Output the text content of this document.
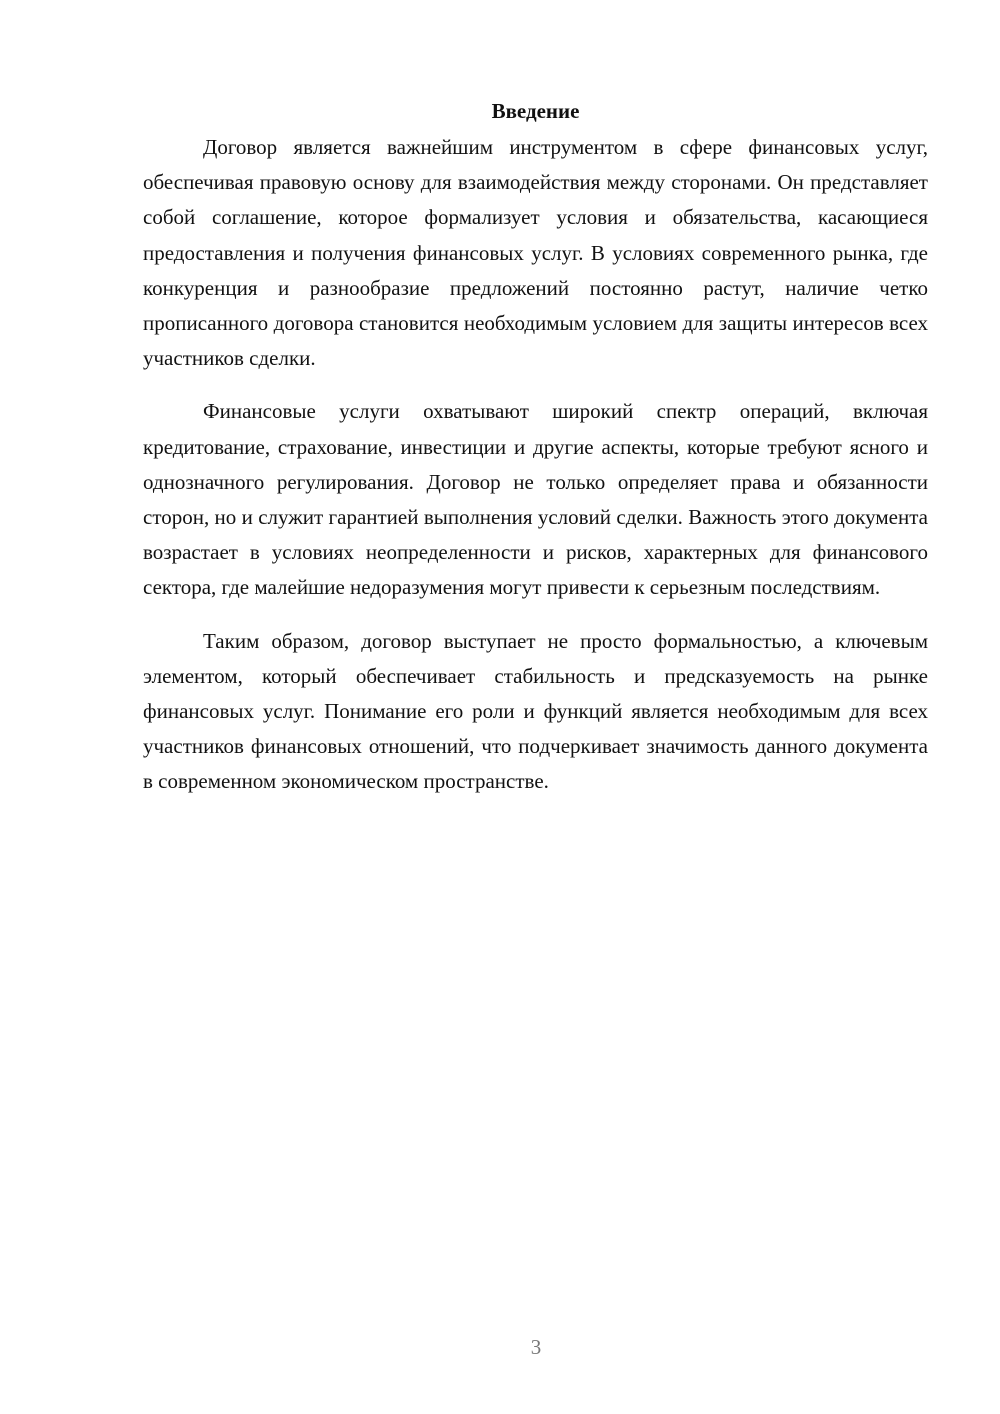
Введение

Договор является важнейшим инструментом в сфере финансовых услуг, обеспечивая правовую основу для взаимодействия между сторонами. Он представляет собой соглашение, которое формализует условия и обязательства, касающиеся предоставления и получения финансовых услуг. В условиях современного рынка, где конкуренция и разнообразие предложений постоянно растут, наличие четко прописанного договора становится необходимым условием для защиты интересов всех участников сделки.

Финансовые услуги охватывают широкий спектр операций, включая кредитование, страхование, инвестиции и другие аспекты, которые требуют ясного и однозначного регулирования. Договор не только определяет права и обязанности сторон, но и служит гарантией выполнения условий сделки. Важность этого документа возрастает в условиях неопределенности и рисков, характерных для финансового сектора, где малейшие недоразумения могут привести к серьезным последствиям.

Таким образом, договор выступает не просто формальностью, а ключевым элементом, который обеспечивает стабильность и предсказуемость на рынке финансовых услуг. Понимание его роли и функций является необходимым для всех участников финансовых отношений, что подчеркивает значимость данного документа в современном экономическом пространстве.

3
